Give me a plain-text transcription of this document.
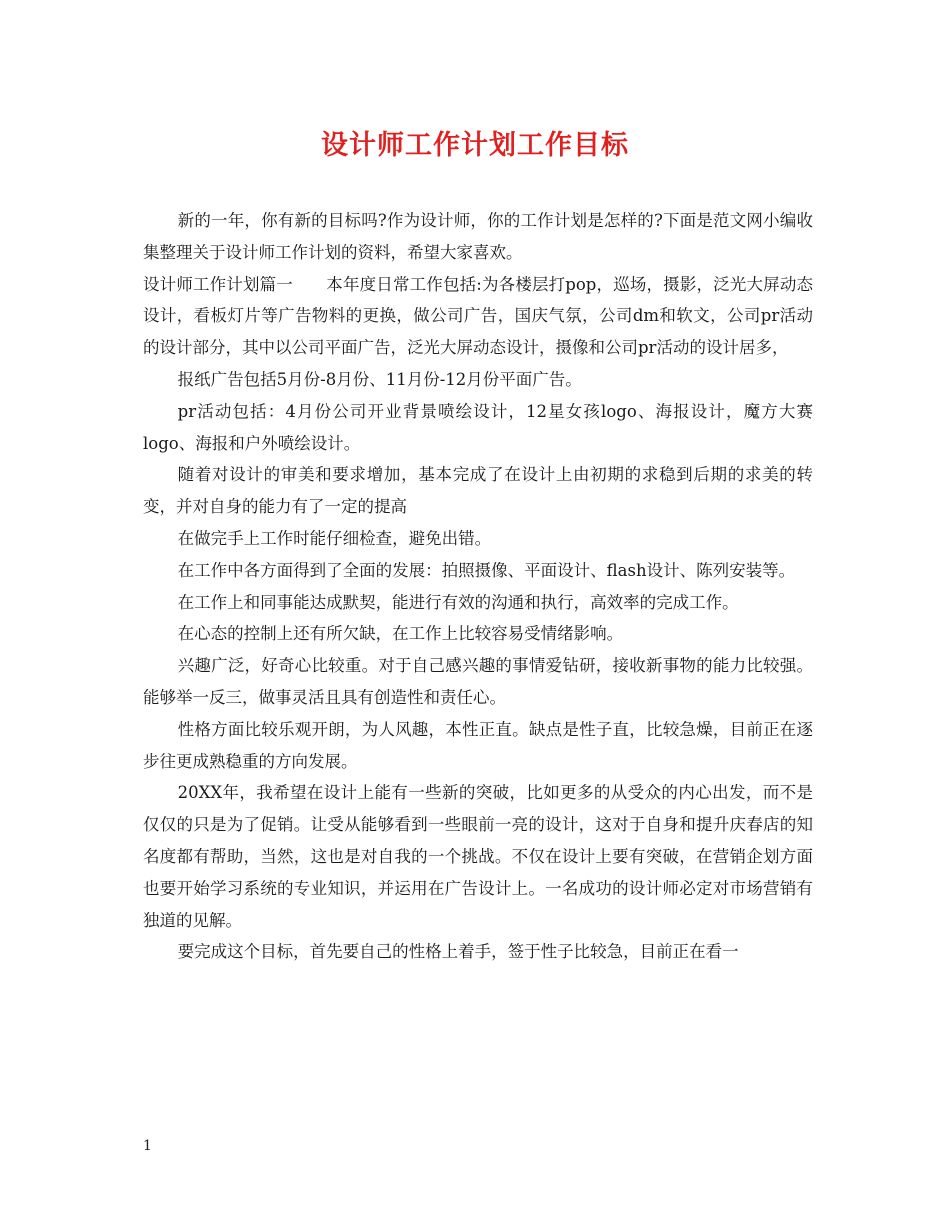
设计师工作计划工作目标

新的一年，你有新的目标吗?作为设计师，你的工作计划是怎样的?下面是范文网小编收集整理关于设计师工作计划的资料，希望大家喜欢。

设计师工作计划篇一　　本年度日常工作包括:为各楼层打pop，巡场，摄影，泛光大屏动态设计，看板灯片等广告物料的更换，做公司广告，国庆气氛，公司dm和软文，公司pr活动的设计部分，其中以公司平面广告，泛光大屏动态设计，摄像和公司pr活动的设计居多，

报纸广告包括5月份-8月份、11月份-12月份平面广告。

pr活动包括：4月份公司开业背景喷绘设计，12星女孩logo、海报设计，魔方大赛logo、海报和户外喷绘设计。

随着对设计的审美和要求增加，基本完成了在设计上由初期的求稳到后期的求美的转变，并对自身的能力有了一定的提高

在做完手上工作时能仔细检查，避免出错。

在工作中各方面得到了全面的发展：拍照摄像、平面设计、flash设计、陈列安装等。

在工作上和同事能达成默契，能进行有效的沟通和执行，高效率的完成工作。

在心态的控制上还有所欠缺，在工作上比较容易受情绪影响。

兴趣广泛，好奇心比较重。对于自己感兴趣的事情爱钻研，接收新事物的能力比较强。能够举一反三，做事灵活且具有创造性和责任心。

性格方面比较乐观开朗，为人风趣，本性正直。缺点是性子直，比较急燥，目前正在逐步往更成熟稳重的方向发展。

20XX年，我希望在设计上能有一些新的突破，比如更多的从受众的内心出发，而不是仅仅的只是为了促销。让受从能够看到一些眼前一亮的设计，这对于自身和提升庆春店的知名度都有帮助，当然，这也是对自我的一个挑战。不仅在设计上要有突破，在营销企划方面也要开始学习系统的专业知识，并运用在广告设计上。一名成功的设计师必定对市场营销有独道的见解。

要完成这个目标，首先要自己的性格上着手，签于性子比较急，目前正在看一

1
